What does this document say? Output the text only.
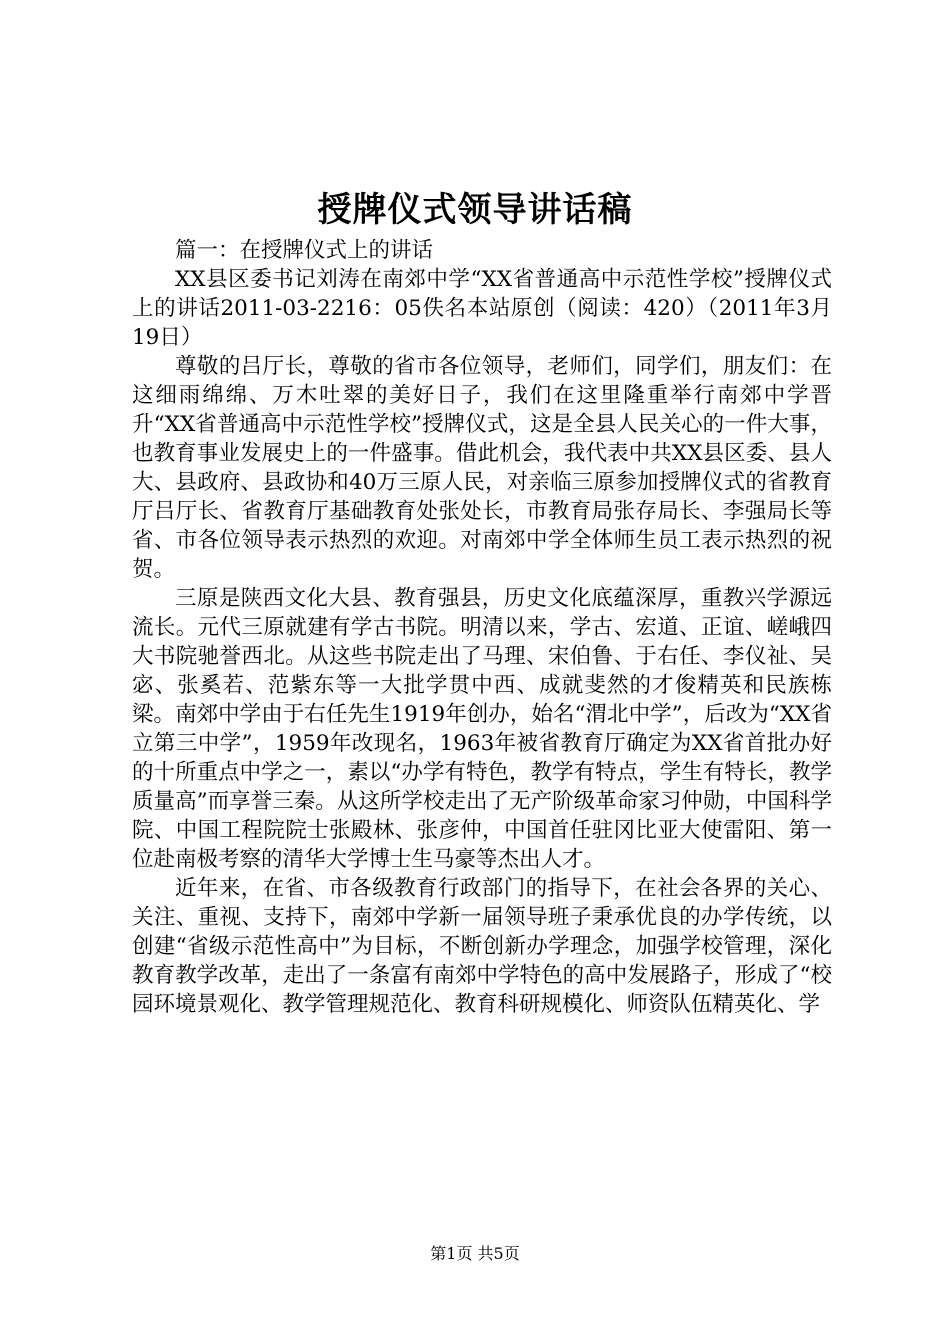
授牌仪式领导讲话稿

篇一：在授牌仪式上的讲话

XX县区委书记刘涛在南郊中学“XX省普通高中示范性学校”授牌仪式上的讲话2011-03-2216：05佚名本站原创（阅读：420）（2011年3月19日）

尊敬的吕厅长，尊敬的省市各位领导，老师们，同学们，朋友们：在这细雨绵绵、万木吐翠的美好日子，我们在这里隆重举行南郊中学晋升“XX省普通高中示范性学校”授牌仪式，这是全县人民关心的一件大事，也教育事业发展史上的一件盛事。借此机会，我代表中共XX县区委、县人大、县政府、县政协和40万三原人民，对亲临三原参加授牌仪式的省教育厅吕厅长、省教育厅基础教育处张处长，市教育局张存局长、李强局长等省、市各位领导表示热烈的欢迎。对南郊中学全体师生员工表示热烈的祝贺。

三原是陕西文化大县、教育强县，历史文化底蕴深厚，重教兴学源远流长。元代三原就建有学古书院。明清以来，学古、宏道、正谊、嵯峨四大书院驰誉西北。从这些书院走出了马理、宋伯鲁、于右任、李仪祉、吴宓、张奚若、范紫东等一大批学贯中西、成就斐然的才俊精英和民族栋梁。南郊中学由于右任先生1919年创办，始名“渭北中学”，后改为“XX省立第三中学”，1959年改现名，1963年被省教育厅确定为XX省首批办好的十所重点中学之一，素以“办学有特色，教学有特点，学生有特长，教学质量高”而享誉三秦。从这所学校走出了无产阶级革命家习仲勋，中国科学院、中国工程院院士张殿林、张彦仲，中国首任驻冈比亚大使雷阳、第一位赴南极考察的清华大学博士生马豪等杰出人才。

近年来，在省、市各级教育行政部门的指导下，在社会各界的关心、关注、重视、支持下，南郊中学新一届领导班子秉承优良的办学传统，以创建“省级示范性高中”为目标，不断创新办学理念，加强学校管理，深化教育教学改革，走出了一条富有南郊中学特色的高中发展路子，形成了“校园环境景观化、教学管理规范化、教育科研规模化、师资队伍精英化、学

第1页 共5页
